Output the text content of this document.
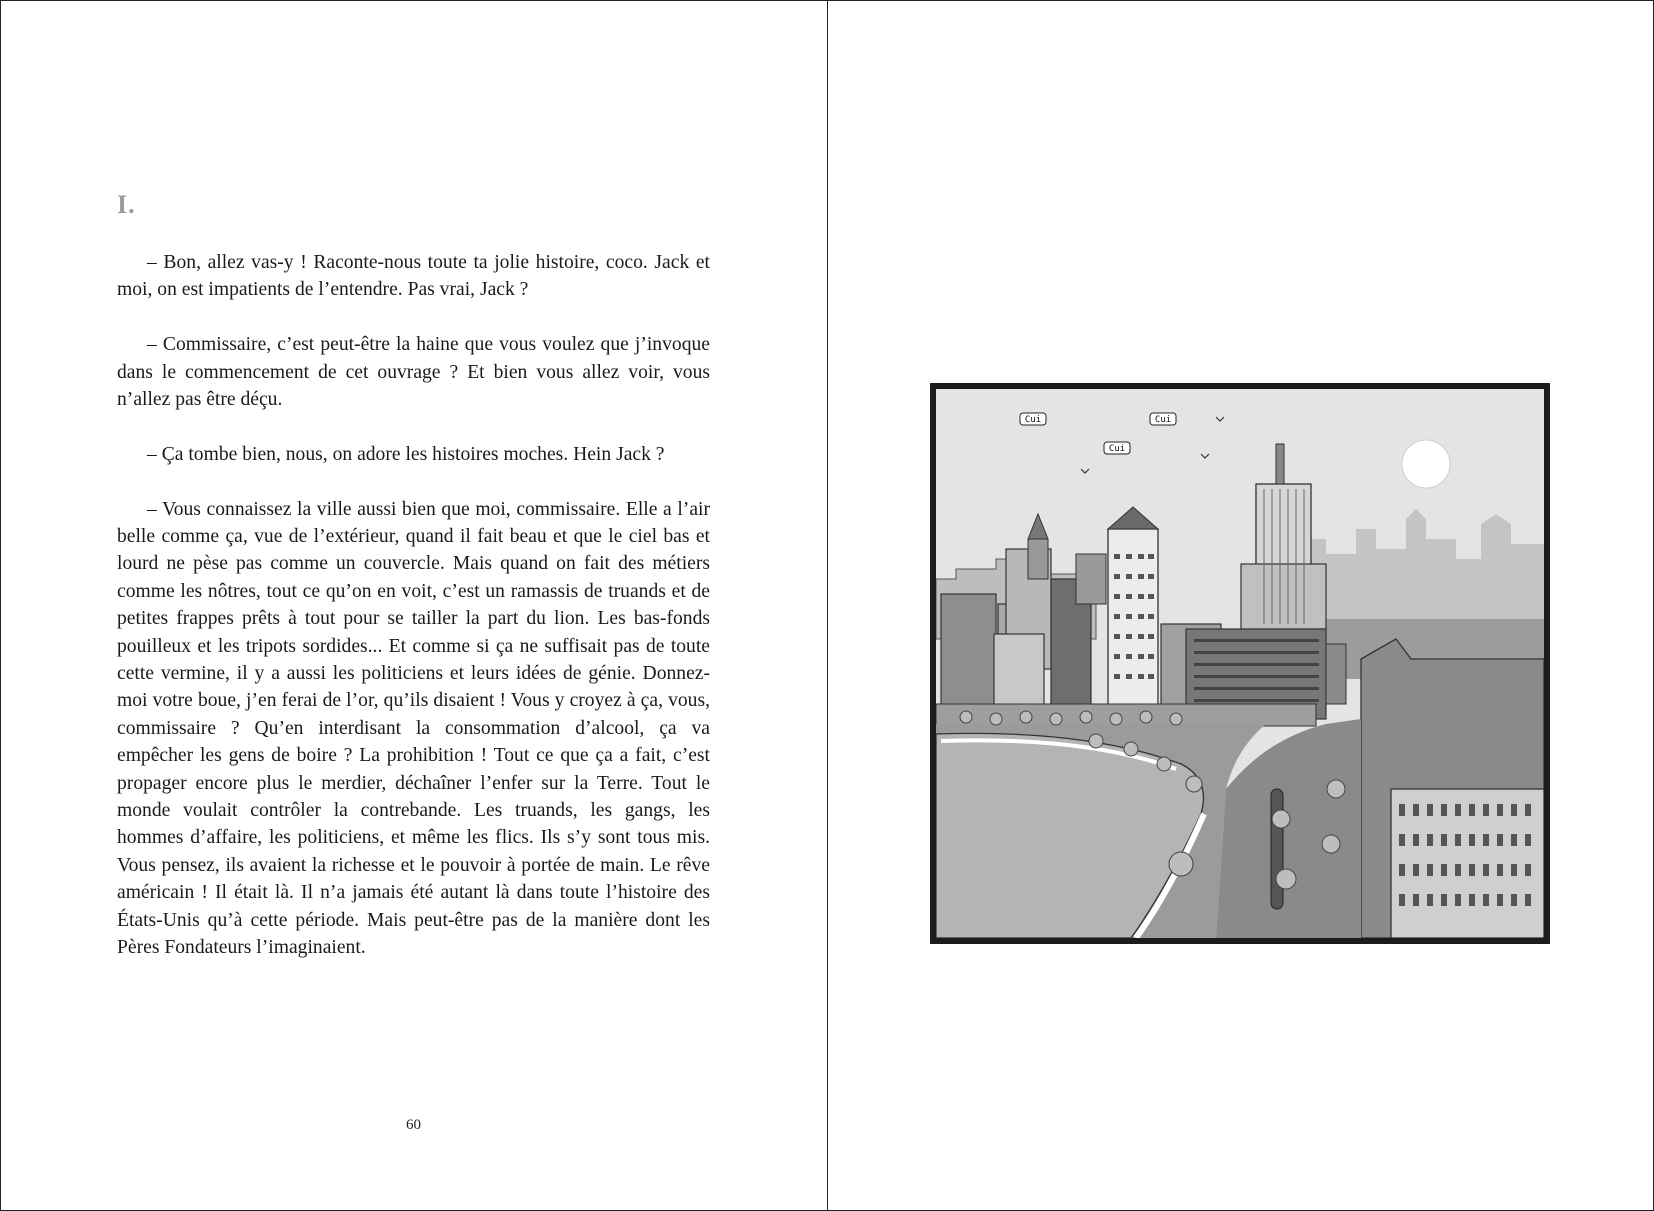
I.

– Bon, allez vas-y ! Raconte-nous toute ta jolie histoire, coco. Jack et moi, on est impatients de l’entendre. Pas vrai, Jack ?

– Commissaire, c’est peut-être la haine que vous voulez que j’invoque dans le commencement de cet ouvrage ? Et bien vous allez voir, vous n’allez pas être déçu.

– Ça tombe bien, nous, on adore les histoires moches. Hein Jack ?

– Vous connaissez la ville aussi bien que moi, commissaire. Elle a l’air belle comme ça, vue de l’extérieur, quand il fait beau et que le ciel bas et lourd ne pèse pas comme un couvercle. Mais quand on fait des métiers comme les nôtres, tout ce qu’on en voit, c’est un ramassis de truands et de petites frappes prêts à tout pour se tailler la part du lion. Les bas-fonds pouilleux et les tripots sordides... Et comme si ça ne suffisait pas de toute cette vermine, il y a aussi les politiciens et leurs idées de génie. Donnez-moi votre boue, j’en ferai de l’or, qu’ils disaient ! Vous y croyez à ça, vous, commissaire ? Qu’en interdisant la consommation d’alcool, ça va empêcher les gens de boire ? La prohibition ! Tout ce que ça a fait, c’est propager encore plus le merdier, déchaîner l’enfer sur la Terre. Tout le monde voulait contrôler la contrebande. Les truands, les gangs, les hommes d’affaire, les politiciens, et même les flics. Ils s’y sont tous mis. Vous pensez, ils avaient la richesse et le pouvoir à portée de main. Le rêve américain ! Il était là. Il n’a jamais été autant là dans toute l’histoire des États-Unis qu’à cette période. Mais peut-être pas de la manière dont les Pères Fondateurs l’imaginaient.

60
Cui	Cui
Cui
